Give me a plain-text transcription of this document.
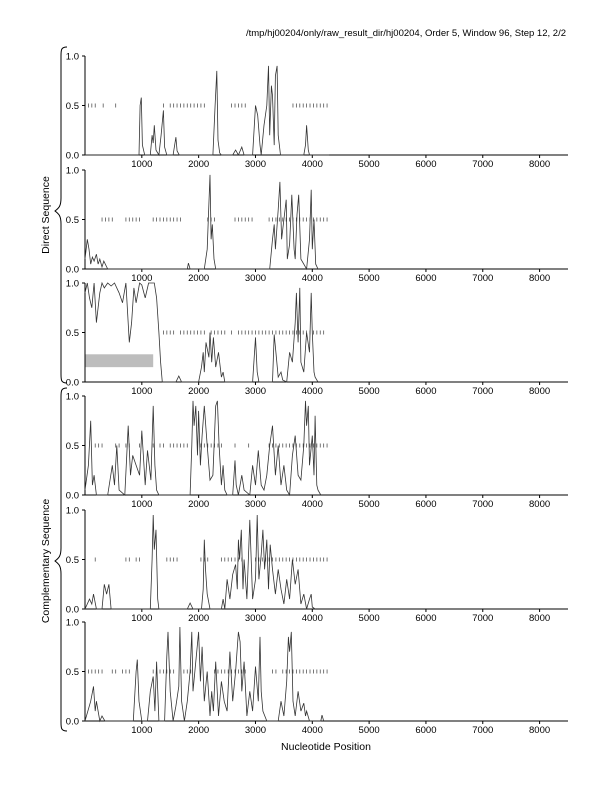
/tmp/hj00204/only/raw_result_dir/hj00204, Order 5, Window 96, Step 12, 2/2
0.0
0.5
1.0
1000	2000	3000	4000	5000	6000	7000	8000
0.0
0.5
1.0
1000	2000	3000	4000	5000	6000	7000	8000
0.0
0.5
1.0
1000	2000	3000	4000	5000	6000	7000	8000
0.0
0.5
1.0
1000	2000	3000	4000	5000	6000	7000	8000
0.0
0.5
1.0
1000	2000	3000	4000	5000	6000	7000	8000
0.0
0.5
1.0
1000	2000	3000	4000	5000	6000	7000	8000
Direct Sequence
Complementary Sequence
Nucleotide Position
